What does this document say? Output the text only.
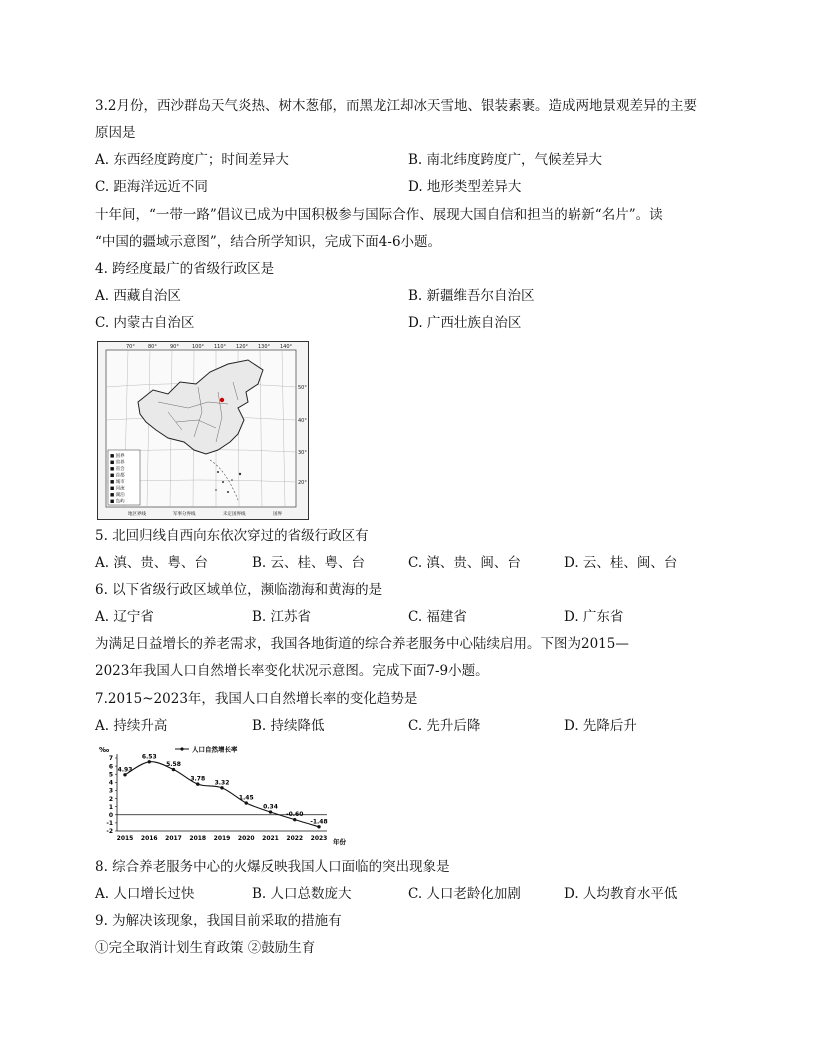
3.2月份，西沙群岛天气炎热、树木葱郁，而黑龙江却冰天雪地、银装素裹。造成两地景观差异的主要
原因是
A. 东西经度跨度广；时间差异大	B. 南北纬度跨度广，气候差异大
C. 距海洋远近不同	D. 地形类型差异大
十年间，“一带一路”倡议已成为中国积极参与国际合作、展现大国自信和担当的崭新“名片”。读
“中国的疆域示意图”，结合所学知识，完成下面4-6小题。
4. 跨经度最广的省级行政区是
A. 西藏自治区	B. 新疆维吾尔自治区
C. 内蒙古自治区	D. 广西壮族自治区
70°	80°	90°	100° 110° 120° 130° 140°
50°
40°
30°
20°
■ 国界
■ 省界
■ 省会
■ 首都
■ 城市
■ 河流
■ 湖泊
■ 岛屿
地区界线	军事分界线	未定国界线	国界
5. 北回归线自西向东依次穿过的省级行政区有
A. 滇、贵、粤、台	B. 云、桂、粤、台	C. 滇、贵、闽、台	D. 云、桂、闽、台
6. 以下省级行政区域单位，濒临渤海和黄海的是
A. 辽宁省	B. 江苏省	C. 福建省	D. 广东省
为满足日益增长的养老需求，我国各地街道的综合养老服务中心陆续启用。下图为2015—
2023年我国人口自然增长率变化状况示意图。完成下面7-9小题。
7.2015~2023年，我国人口自然增长率的变化趋势是
A. 持续升高	B. 持续降低	C. 先升后降	D. 先降后升
‰
年份
人口自然增长率
7
6
5
4
3
2
1
0
-1
-2
2015 2016 2017 2018 2019 2020 2021 2022 2023
4.93
6.53
5.58
3.78
3.32
1.45
0.34
-0.60
-1.48
8. 综合养老服务中心的火爆反映我国人口面临的突出现象是
A. 人口增长过快	B. 人口总数庞大	C. 人口老龄化加剧	D. 人均教育水平低
9. 为解决该现象，我国目前采取的措施有
①完全取消计划生育政策 ②鼓励生育
